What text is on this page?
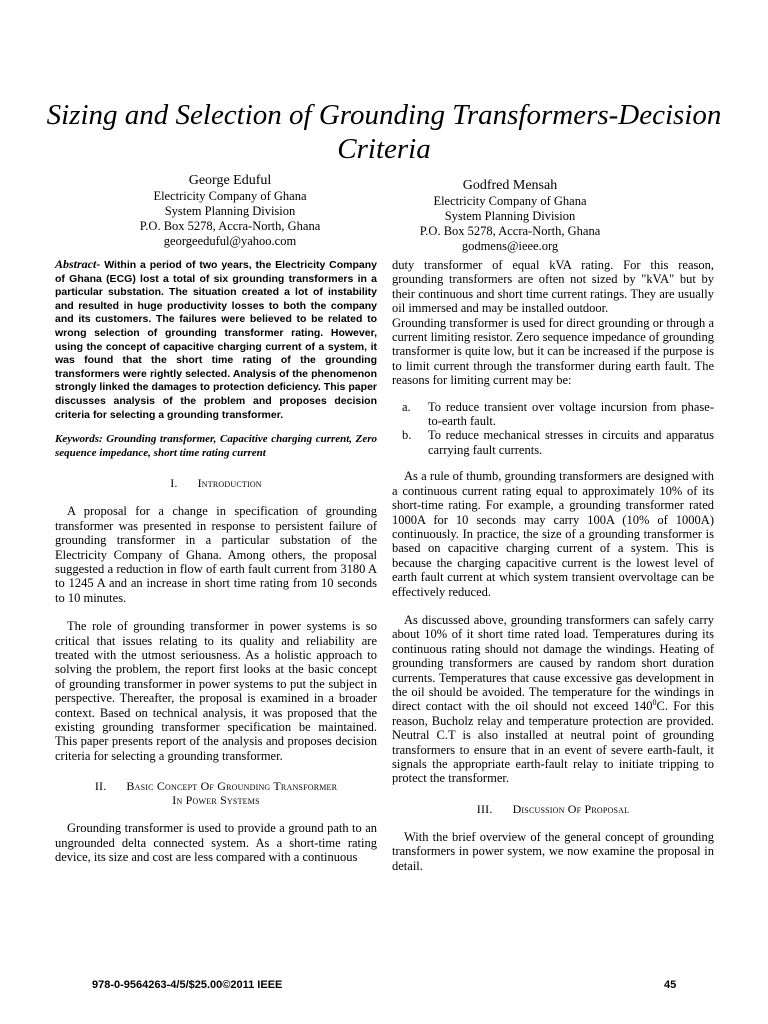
Sizing and Selection of Grounding Transformers-Decision Criteria
George Eduful
Electricity Company of Ghana
System Planning Division
P.O. Box 5278, Accra-North, Ghana
georgeeduful@yahoo.com
Godfred Mensah
Electricity Company of Ghana
System Planning Division
P.O. Box 5278, Accra-North, Ghana
godmens@ieee.org

Abstract- Within a period of two years, the Electricity Company of Ghana (ECG) lost a total of six grounding transformers in a particular substation. The situation created a lot of instability and resulted in huge productivity losses to both the company and its customers. The failures were believed to be related to wrong selection of grounding transformer rating. However, using the concept of capacitive charging current of a system, it was found that the short time rating of the grounding transformers were rightly selected. Analysis of the phenomenon strongly linked the damages to protection deficiency. This paper discusses analysis of the problem and proposes decision criteria for selecting a grounding transformer.

Keywords: Grounding transformer, Capacitive charging current, Zero sequence impedance, short time rating current

I. Introduction

A proposal for a change in specification of grounding transformer was presented in response to persistent failure of grounding transformer in a particular substation of the Electricity Company of Ghana. Among others, the proposal suggested a reduction in flow of earth fault current from 3180 A to 1245 A and an increase in short time rating from 10 seconds to 10 minutes.

The role of grounding transformer in power systems is so critical that issues relating to its quality and reliability are treated with the utmost seriousness. As a holistic approach to solving the problem, the report first looks at the basic concept of grounding transformer in power systems to put the subject in perspective. Thereafter, the proposal is examined in a broader context. Based on technical analysis, it was proposed that the existing grounding transformer specification be maintained. This paper presents report of the analysis and proposes decision criteria for selecting a grounding transformer.

II. Basic Concept Of Grounding Transformer
In Power Systems

Grounding transformer is used to provide a ground path to an ungrounded delta connected system. As a short-time rating device, its size and cost are less compared with a continuous

duty transformer of equal kVA rating. For this reason, grounding transformers are often not sized by "kVA" but by their continuous and short time current ratings. They are usually oil immersed and may be installed outdoor.

Grounding transformer is used for direct grounding or through a current limiting resistor. Zero sequence impedance of grounding transformer is quite low, but it can be increased if the purpose is to limit current through the transformer during earth fault. The reasons for limiting current may be:

a.	To reduce transient over voltage incursion from phase-to-earth fault.
b.	To reduce mechanical stresses in circuits and apparatus carrying fault currents.

As a rule of thumb, grounding transformers are designed with a continuous current rating equal to approximately 10% of its short-time rating. For example, a grounding transformer rated 1000A for 10 seconds may carry 100A (10% of 1000A) continuously. In practice, the size of a grounding transformer is based on capacitive charging current of a system. This is because the charging capacitive current is the lowest level of earth fault current at which system transient overvoltage can be effectively reduced.

As discussed above, grounding transformers can safely carry about 10% of it short time rated load. Temperatures during its continuous rating should not damage the windings. Heating of grounding transformers are caused by random short duration currents. Temperatures that cause excessive gas development in the oil should be avoided. The temperature for the windings in direct contact with the oil should not exceed $140^0C$. For this reason, Bucholz relay and temperature protection are provided. Neutral C.T is also installed at neutral point of grounding transformers to ensure that in an event of severe earth-fault, it signals the appropriate earth-fault relay to initiate tripping to protect the transformer.

III. Discussion Of Proposal

With the brief overview of the general concept of grounding transformers in power system, we now examine the proposal in detail.

978-0-9564263-4/5/$25.00©2011 IEEE	45
